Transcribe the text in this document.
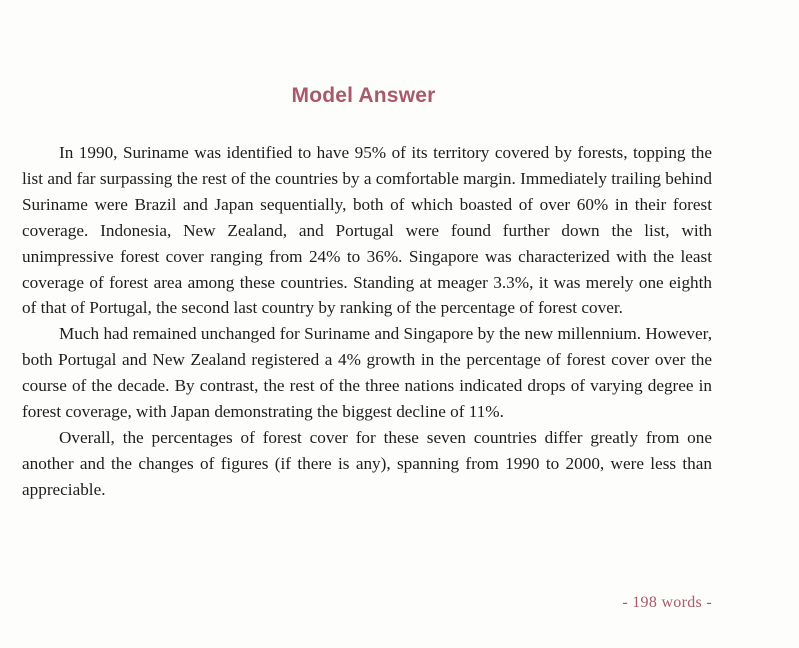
Model Answer

In 1990, Suriname was identified to have 95% of its territory covered by forests, topping the list and far surpassing the rest of the countries by a comfortable margin. Immediately trailing behind Suriname were Brazil and Japan sequentially, both of which boasted of over 60% in their forest coverage. Indonesia, New Zealand, and Portugal were found further down the list, with unimpressive forest cover ranging from 24% to 36%. Singapore was characterized with the least coverage of forest area among these countries. Standing at meager 3.3%, it was merely one eighth of that of Portugal, the second last country by ranking of the percentage of forest cover.

Much had remained unchanged for Suriname and Singapore by the new millennium. However, both Portugal and New Zealand registered a 4% growth in the percentage of forest cover over the course of the decade. By contrast, the rest of the three nations indicated drops of varying degree in forest coverage, with Japan demonstrating the biggest decline of 11%.

Overall, the percentages of forest cover for these seven countries differ greatly from one another and the changes of figures (if there is any), spanning from 1990 to 2000, were less than appreciable.

- 198 words -
